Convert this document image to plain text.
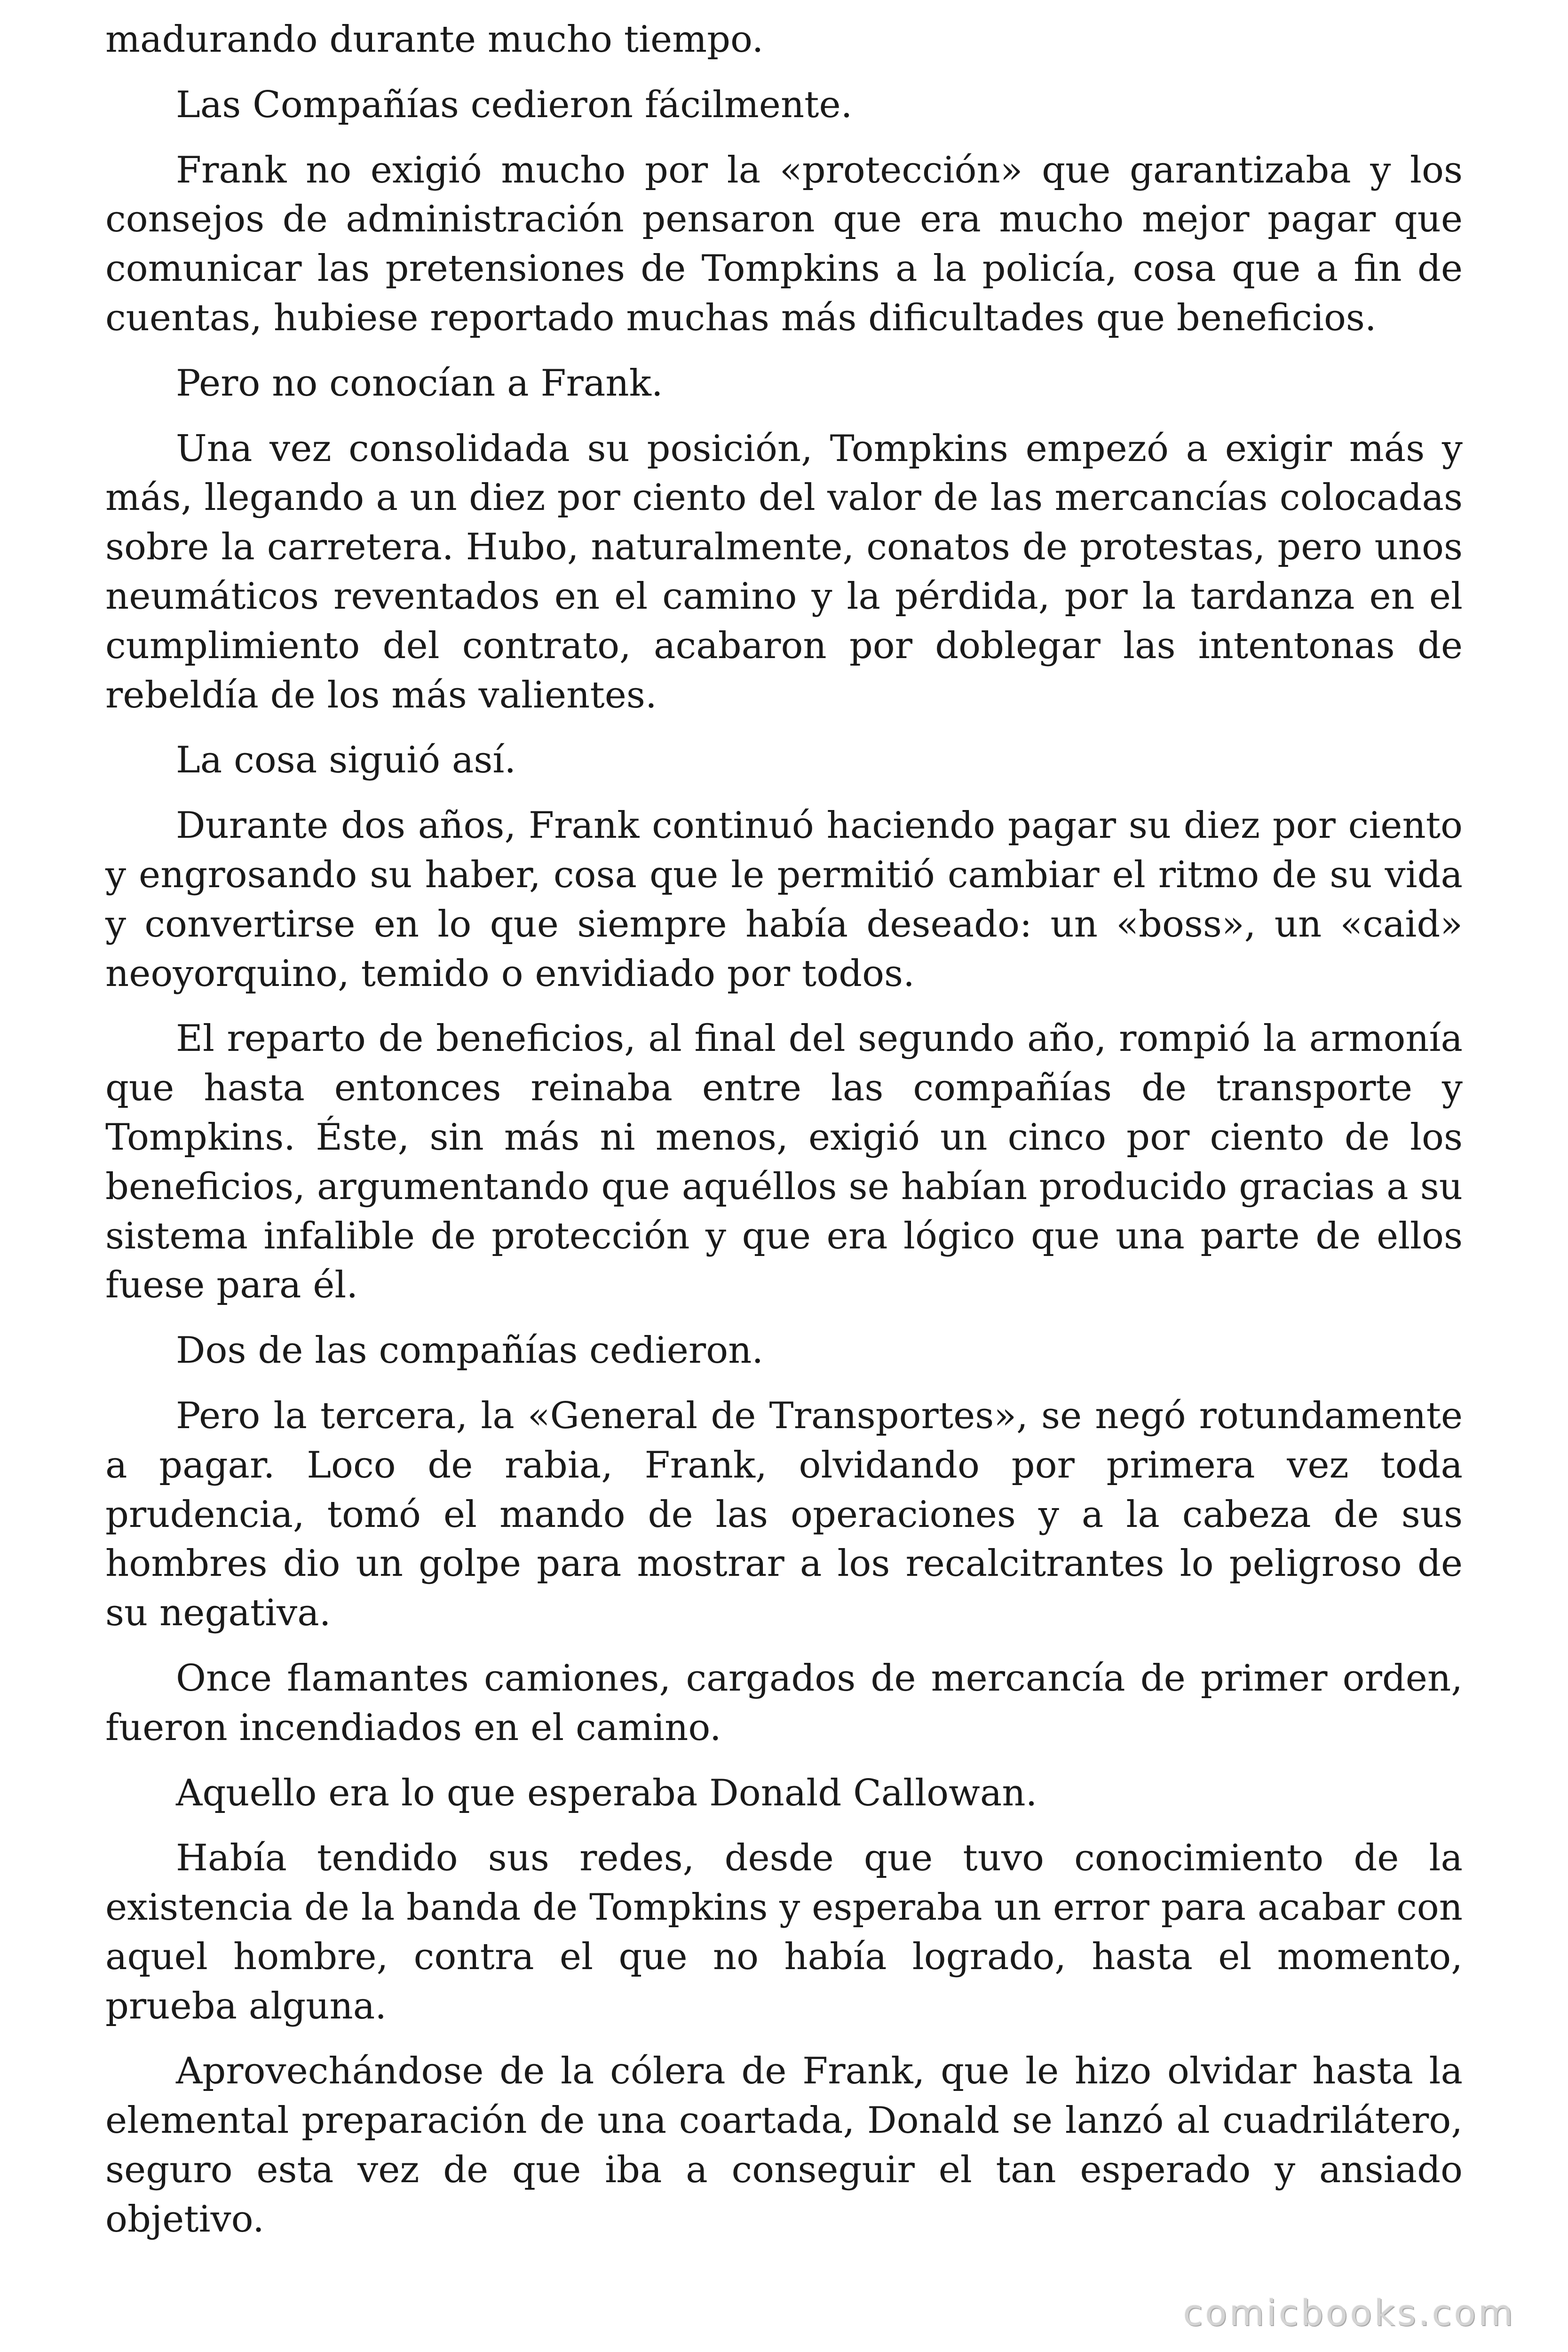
madurando durante mucho tiempo.

Las Compañías cedieron fácilmente.

Frank no exigió mucho por la «protección» que garantizaba y los consejos de administración pensaron que era mucho mejor pagar que comunicar las pretensiones de Tompkins a la policía, cosa que a fin de cuentas, hubiese reportado muchas más dificultades que beneficios.

Pero no conocían a Frank.

Una vez consolidada su posición, Tompkins empezó a exigir más y más, llegando a un diez por ciento del valor de las mercancías colocadas sobre la carretera. Hubo, naturalmente, conatos de protestas, pero unos neumáticos reventados en el camino y la pérdida, por la tardanza en el cumplimiento del contrato, acabaron por doblegar las intentonas de rebeldía de los más valientes.

La cosa siguió así.

Durante dos años, Frank continuó haciendo pagar su diez por ciento y engrosando su haber, cosa que le permitió cambiar el ritmo de su vida y convertirse en lo que siempre había deseado: un «boss», un «caid» neoyorquino, temido o envidiado por todos.

El reparto de beneficios, al final del segundo año, rompió la armonía que hasta entonces reinaba entre las compañías de transporte y Tompkins. Éste, sin más ni menos, exigió un cinco por ciento de los beneficios, argumentando que aquéllos se habían producido gracias a su sistema infalible de protección y que era lógico que una parte de ellos fuese para él.

Dos de las compañías cedieron.

Pero la tercera, la «General de Transportes», se negó rotundamente a pagar. Loco de rabia, Frank, olvidando por primera vez toda prudencia, tomó el mando de las operaciones y a la cabeza de sus hombres dio un golpe para mostrar a los recalcitrantes lo peligroso de su negativa.

Once flamantes camiones, cargados de mercancía de primer orden, fueron incendiados en el camino.

Aquello era lo que esperaba Donald Callowan.

Había tendido sus redes, desde que tuvo conocimiento de la existencia de la banda de Tompkins y esperaba un error para acabar con aquel hombre, contra el que no había logrado, hasta el momento, prueba alguna.

Aprovechándose de la cólera de Frank, que le hizo olvidar hasta la elemental preparación de una coartada, Donald se lanzó al cuadrilátero, seguro esta vez de que iba a conseguir el tan esperado y ansiado objetivo.

comicbooks.com
